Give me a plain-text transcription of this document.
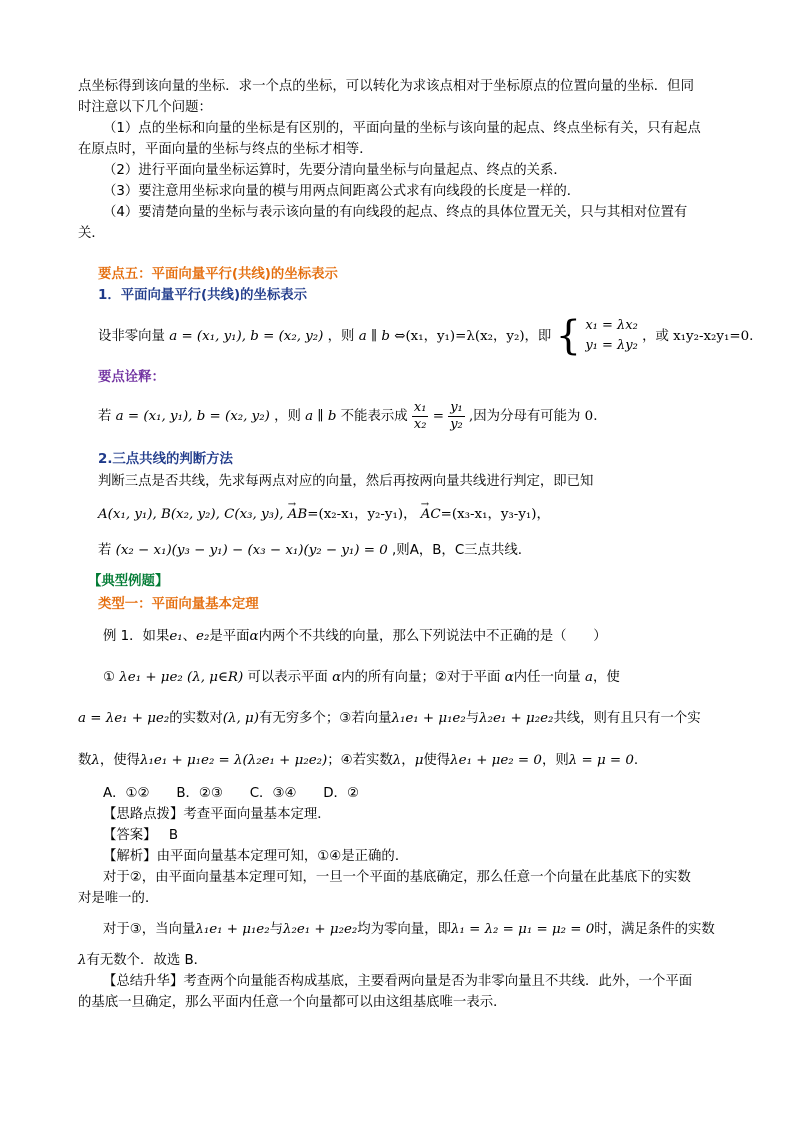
点坐标得到该向量的坐标．求一个点的坐标，可以转化为求该点相对于坐标原点的位置向量的坐标．但同
时注意以下几个问题：
（1）点的坐标和向量的坐标是有区别的，平面向量的坐标与该向量的起点、终点坐标有关，只有起点
在原点时，平面向量的坐标与终点的坐标才相等．
（2）进行平面向量坐标运算时，先要分清向量坐标与向量起点、终点的关系．
（3）要注意用坐标求向量的模与用两点间距离公式求有向线段的长度是一样的．
（4）要清楚向量的坐标与表示该向量的有向线段的起点、终点的具体位置无关，只与其相对位置有
关．
要点五：平面向量平行(共线)的坐标表示
1．平面向量平行(共线)的坐标表示
设非零向量 a = (x₁, y₁), b = (x₂, y₂) ，则 a ∥ b ⇔(x₁，y₁)=λ(x₂，y₂)，即 { x₁ = λx₂
y₁ = λy₂
，或 x₁y₂-x₂y₁=0.
要点诠释：
若 a = (x₁, y₁), b = (x₂, y₂) ，则 a ∥ b 不能表示成 $\frac{\text{x₁}}{\text{x₂}} = \frac{\text{y₁}}{\text{y₂}}$ ,因为分母有可能为 0.
2.三点共线的判断方法
判断三点是否共线，先求每两点对应的向量，然后再按两向量共线进行判定，即已知
A(x₁, y₁), B(x₂, y₂), C(x₃, y₃), → AB=(x₂-x₁，y₂-y₁)， → AC=(x₃-x₁，y₃-y₁)，
若 (x₂ − x₁)(y₃ − y₁) − (x₃ − x₁)(y₂ − y₁) = 0 ,则A，B，C三点共线.
【典型例题】
类型一：平面向量基本定理
例 1．如果e₁、e₂是平面α内两个不共线的向量，那么下列说法中不正确的是（　　）
① λe₁ + μe₂ (λ, μ∈R) 可以表示平面 α内的所有向量；②对于平面 α内任一向量 a，使
a = λe₁ + μe₂的实数对(λ, μ)有无穷多个；③若向量λ₁e₁ + μ₁e₂与λ₂e₁ + μ₂e₂共线，则有且只有一个实
数λ，使得λ₁e₁ + μ₁e₂ = λ(λ₂e₁ + μ₂e₂)；④若实数λ，μ使得λe₁ + μe₂ = 0，则λ = μ = 0.
A．①②　　B．②③　　C．③④　　D．②
【思路点拨】考查平面向量基本定理．
【答案】 B
【解析】由平面向量基本定理可知，①④是正确的．
对于②，由平面向量基本定理可知，一旦一个平面的基底确定，那么任意一个向量在此基底下的实数
对是唯一的．
对于③，当向量λ₁e₁ + μ₁e₂与λ₂e₁ + μ₂e₂均为零向量，即λ₁ = λ₂ = μ₁ = μ₂ = 0时，满足条件的实数
λ有无数个．故选 B．
【总结升华】考查两个向量能否构成基底，主要看两向量是否为非零向量且不共线．此外，一个平面
的基底一旦确定，那么平面内任意一个向量都可以由这组基底唯一表示．
